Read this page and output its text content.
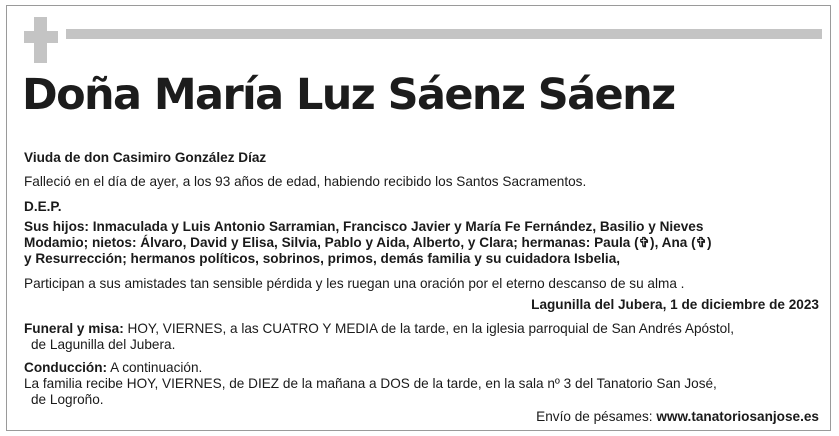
Doña María Luz Sáenz Sáenz
Viuda de don Casimiro González Díaz
Falleció en el día de ayer, a los 93 años de edad, habiendo recibido los Santos Sacramentos.
D.E.P.
Sus hijos: Inmaculada y Luis Antonio Sarramian, Francisco Javier y María Fe Fernández, Basilio y Nieves
Modamio; nietos: Álvaro, David y Elisa, Silvia, Pablo y Aida, Alberto, y Clara; hermanas: Paula (✞), Ana (✞)
y Resurrección; hermanos políticos, sobrinos, primos, demás familia y su cuidadora Isbelia,
Participan a sus amistades tan sensible pérdida y les ruegan una oración por el eterno descanso de su alma .
Lagunilla del Jubera, 1 de diciembre de 2023
Funeral y misa: HOY, VIERNES, a las CUATRO Y MEDIA de la tarde, en la iglesia parroquial de San Andrés Apóstol,
de Lagunilla del Jubera.
Conducción: A continuación.
La familia recibe HOY, VIERNES, de DIEZ de la mañana a DOS de la tarde, en la sala nº 3 del Tanatorio San José,
de Logroño.
Envío de pésames: www.tanatoriosanjose.es
